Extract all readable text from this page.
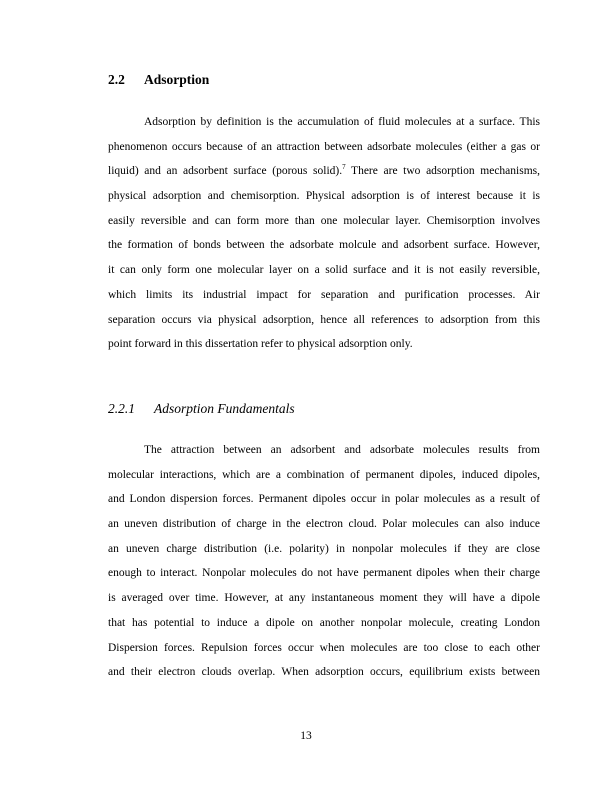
2.2 Adsorption
Adsorption by definition is the accumulation of fluid molecules at a surface. This
phenomenon occurs because of an attraction between adsorbate molecules (either a gas or
liquid) and an adsorbent surface (porous solid).$^7$ There are two adsorption mechanisms,
physical adsorption and chemisorption. Physical adsorption is of interest because it is
easily reversible and can form more than one molecular layer. Chemisorption involves
the formation of bonds between the adsorbate molcule and adsorbent surface. However,
it can only form one molecular layer on a solid surface and it is not easily reversible,
which limits its industrial impact for separation and purification processes. Air
separation occurs via physical adsorption, hence all references to adsorption from this
point forward in this dissertation refer to physical adsorption only.
2.2.1 Adsorption Fundamentals
The attraction between an adsorbent and adsorbate molecules results from
molecular interactions, which are a combination of permanent dipoles, induced dipoles,
and London dispersion forces. Permanent dipoles occur in polar molecules as a result of
an uneven distribution of charge in the electron cloud. Polar molecules can also induce
an uneven charge distribution (i.e. polarity) in nonpolar molecules if they are close
enough to interact. Nonpolar molecules do not have permanent dipoles when their charge
is averaged over time. However, at any instantaneous moment they will have a dipole
that has potential to induce a dipole on another nonpolar molecule, creating London
Dispersion forces. Repulsion forces occur when molecules are too close to each other
and their electron clouds overlap. When adsorption occurs, equilibrium exists between
13
